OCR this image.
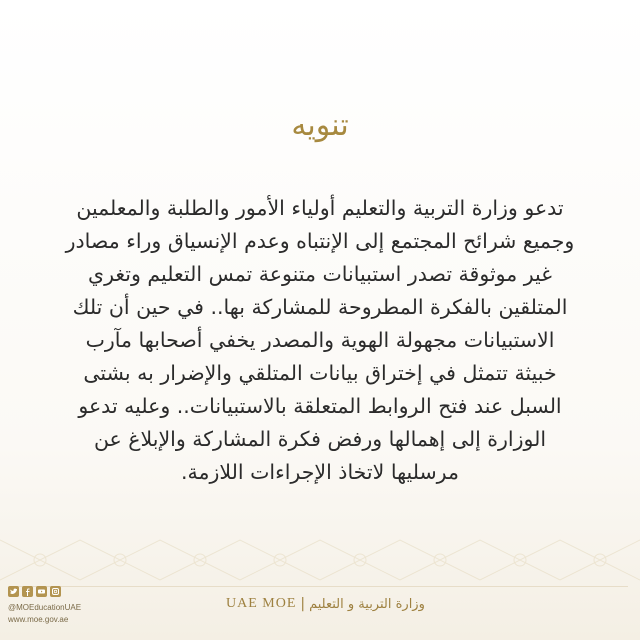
تنويه
تدعو وزارة التربية والتعليم أولياء الأمور والطلبة والمعلمين
وجميع شرائح المجتمع إلى الإنتباه وعدم الإنسياق وراء مصادر
غير موثوقة تصدر استبيانات متنوعة تمس التعليم وتغري
المتلقين بالفكرة المطروحة للمشاركة بها.. في حين أن تلك
الاستبيانات مجهولة الهوية والمصدر يخفي أصحابها مآرب
خبيثة تتمثل في إختراق بيانات المتلقي والإضرار به بشتى
السبل عند فتح الروابط المتعلقة بالاستبيانات.. وعليه تدعو
الوزارة إلى إهمالها ورفض فكرة المشاركة والإبلاغ عن
مرسليها لاتخاذ الإجراءات اللازمة.
@MOEducationUAE
www.moe.gov.ae
UAE MOE | وزارة التربية و التعليم
